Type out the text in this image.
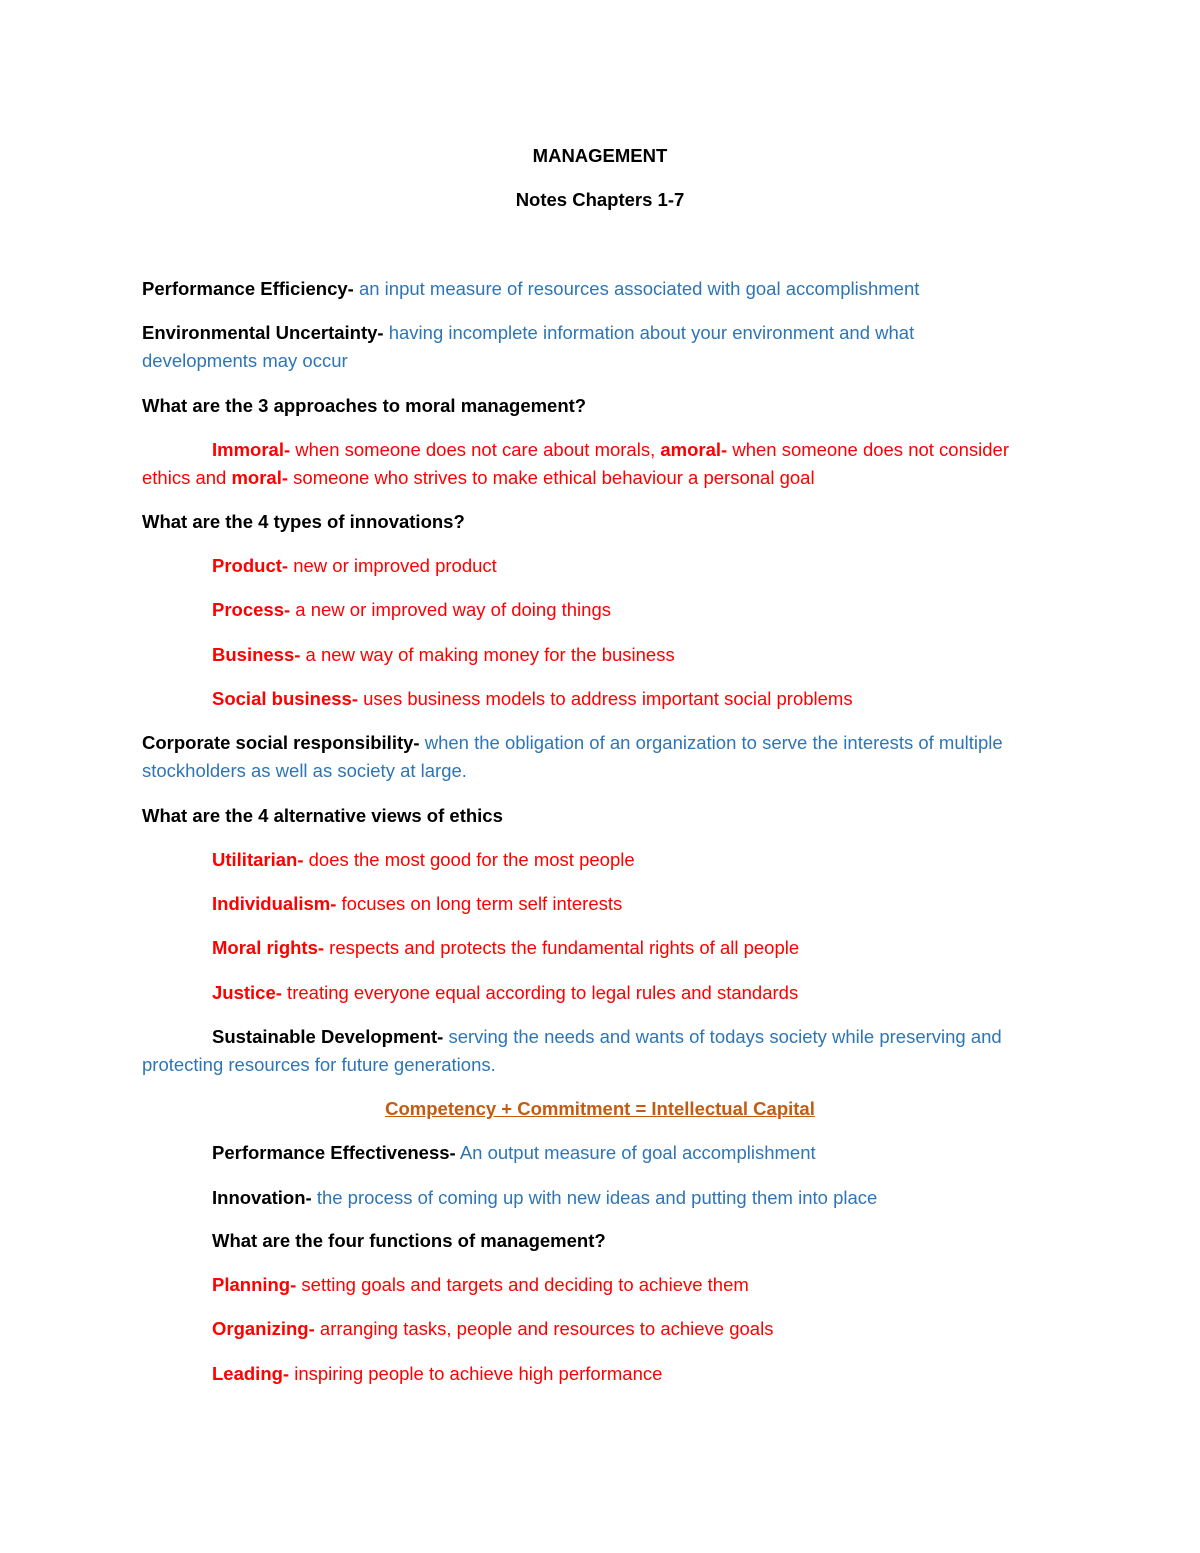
MANAGEMENT
Notes Chapters 1-7
Performance Efficiency- an input measure of resources associated with goal accomplishment
Environmental Uncertainty- having incomplete information about your environment and what
developments may occur
What are the 3 approaches to moral management?
Immoral- when someone does not care about morals, amoral- when someone does not consider
ethics and moral- someone who strives to make ethical behaviour a personal goal
What are the 4 types of innovations?
Product- new or improved product
Process- a new or improved way of doing things
Business- a new way of making money for the business
Social business- uses business models to address important social problems
Corporate social responsibility- when the obligation of an organization to serve the interests of multiple
stockholders as well as society at large.
What are the 4 alternative views of ethics
Utilitarian- does the most good for the most people
Individualism- focuses on long term self interests
Moral rights- respects and protects the fundamental rights of all people
Justice- treating everyone equal according to legal rules and standards
Sustainable Development- serving the needs and wants of todays society while preserving and
protecting resources for future generations.
Competency + Commitment = Intellectual Capital
Performance Effectiveness- An output measure of goal accomplishment
Innovation- the process of coming up with new ideas and putting them into place
What are the four functions of management?
Planning- setting goals and targets and deciding to achieve them
Organizing- arranging tasks, people and resources to achieve goals
Leading- inspiring people to achieve high performance
